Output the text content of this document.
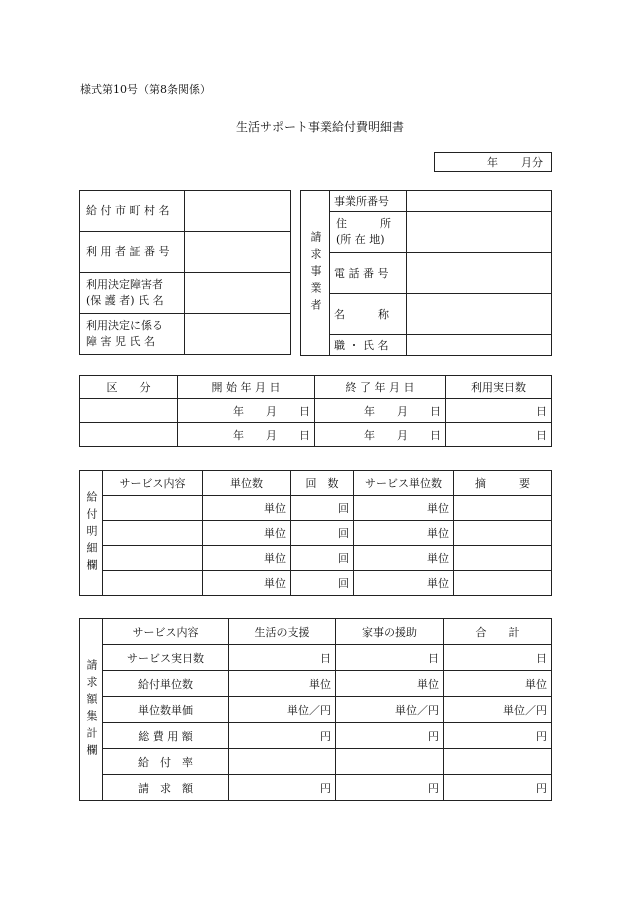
様式第10号（第8条関係）
生活サポート事業給付費明細書
年 月分
給 付 市 町 村 名	

利 用 者 証 番 号	

利用決定障害者
(保 護 者) 氏 名	

利用決定に係る
障 害 児 氏 名	

請求事業者	事業所番号	

	住　　　所
(所 在 地)	

	電 話 番 号	
	名　　　称	
	職 ・ 氏 名	
区　　分	開 始 年 月 日	終 了 年 月 日	利用実日数
	年 月 日	年 月 日	日
	年 月 日	年 月 日	日
給付明細欄	サービス内容	単位数	回　数	サービス単位数	摘　　　要
		単位	回	単位	
		単位	回	単位	
		単位	回	単位	
		単位	回	単位	
請求額集計欄	サービス内容	生活の支援	家事の援助	合　　計
	サービス実日数	日	日	日
	給付単位数	単位	単位	単位
	単位数単価	単位／円	単位／円	単位／円
	総 費 用 額	円	円	円
	給　付　率			
	請　求　額	円	円	円
